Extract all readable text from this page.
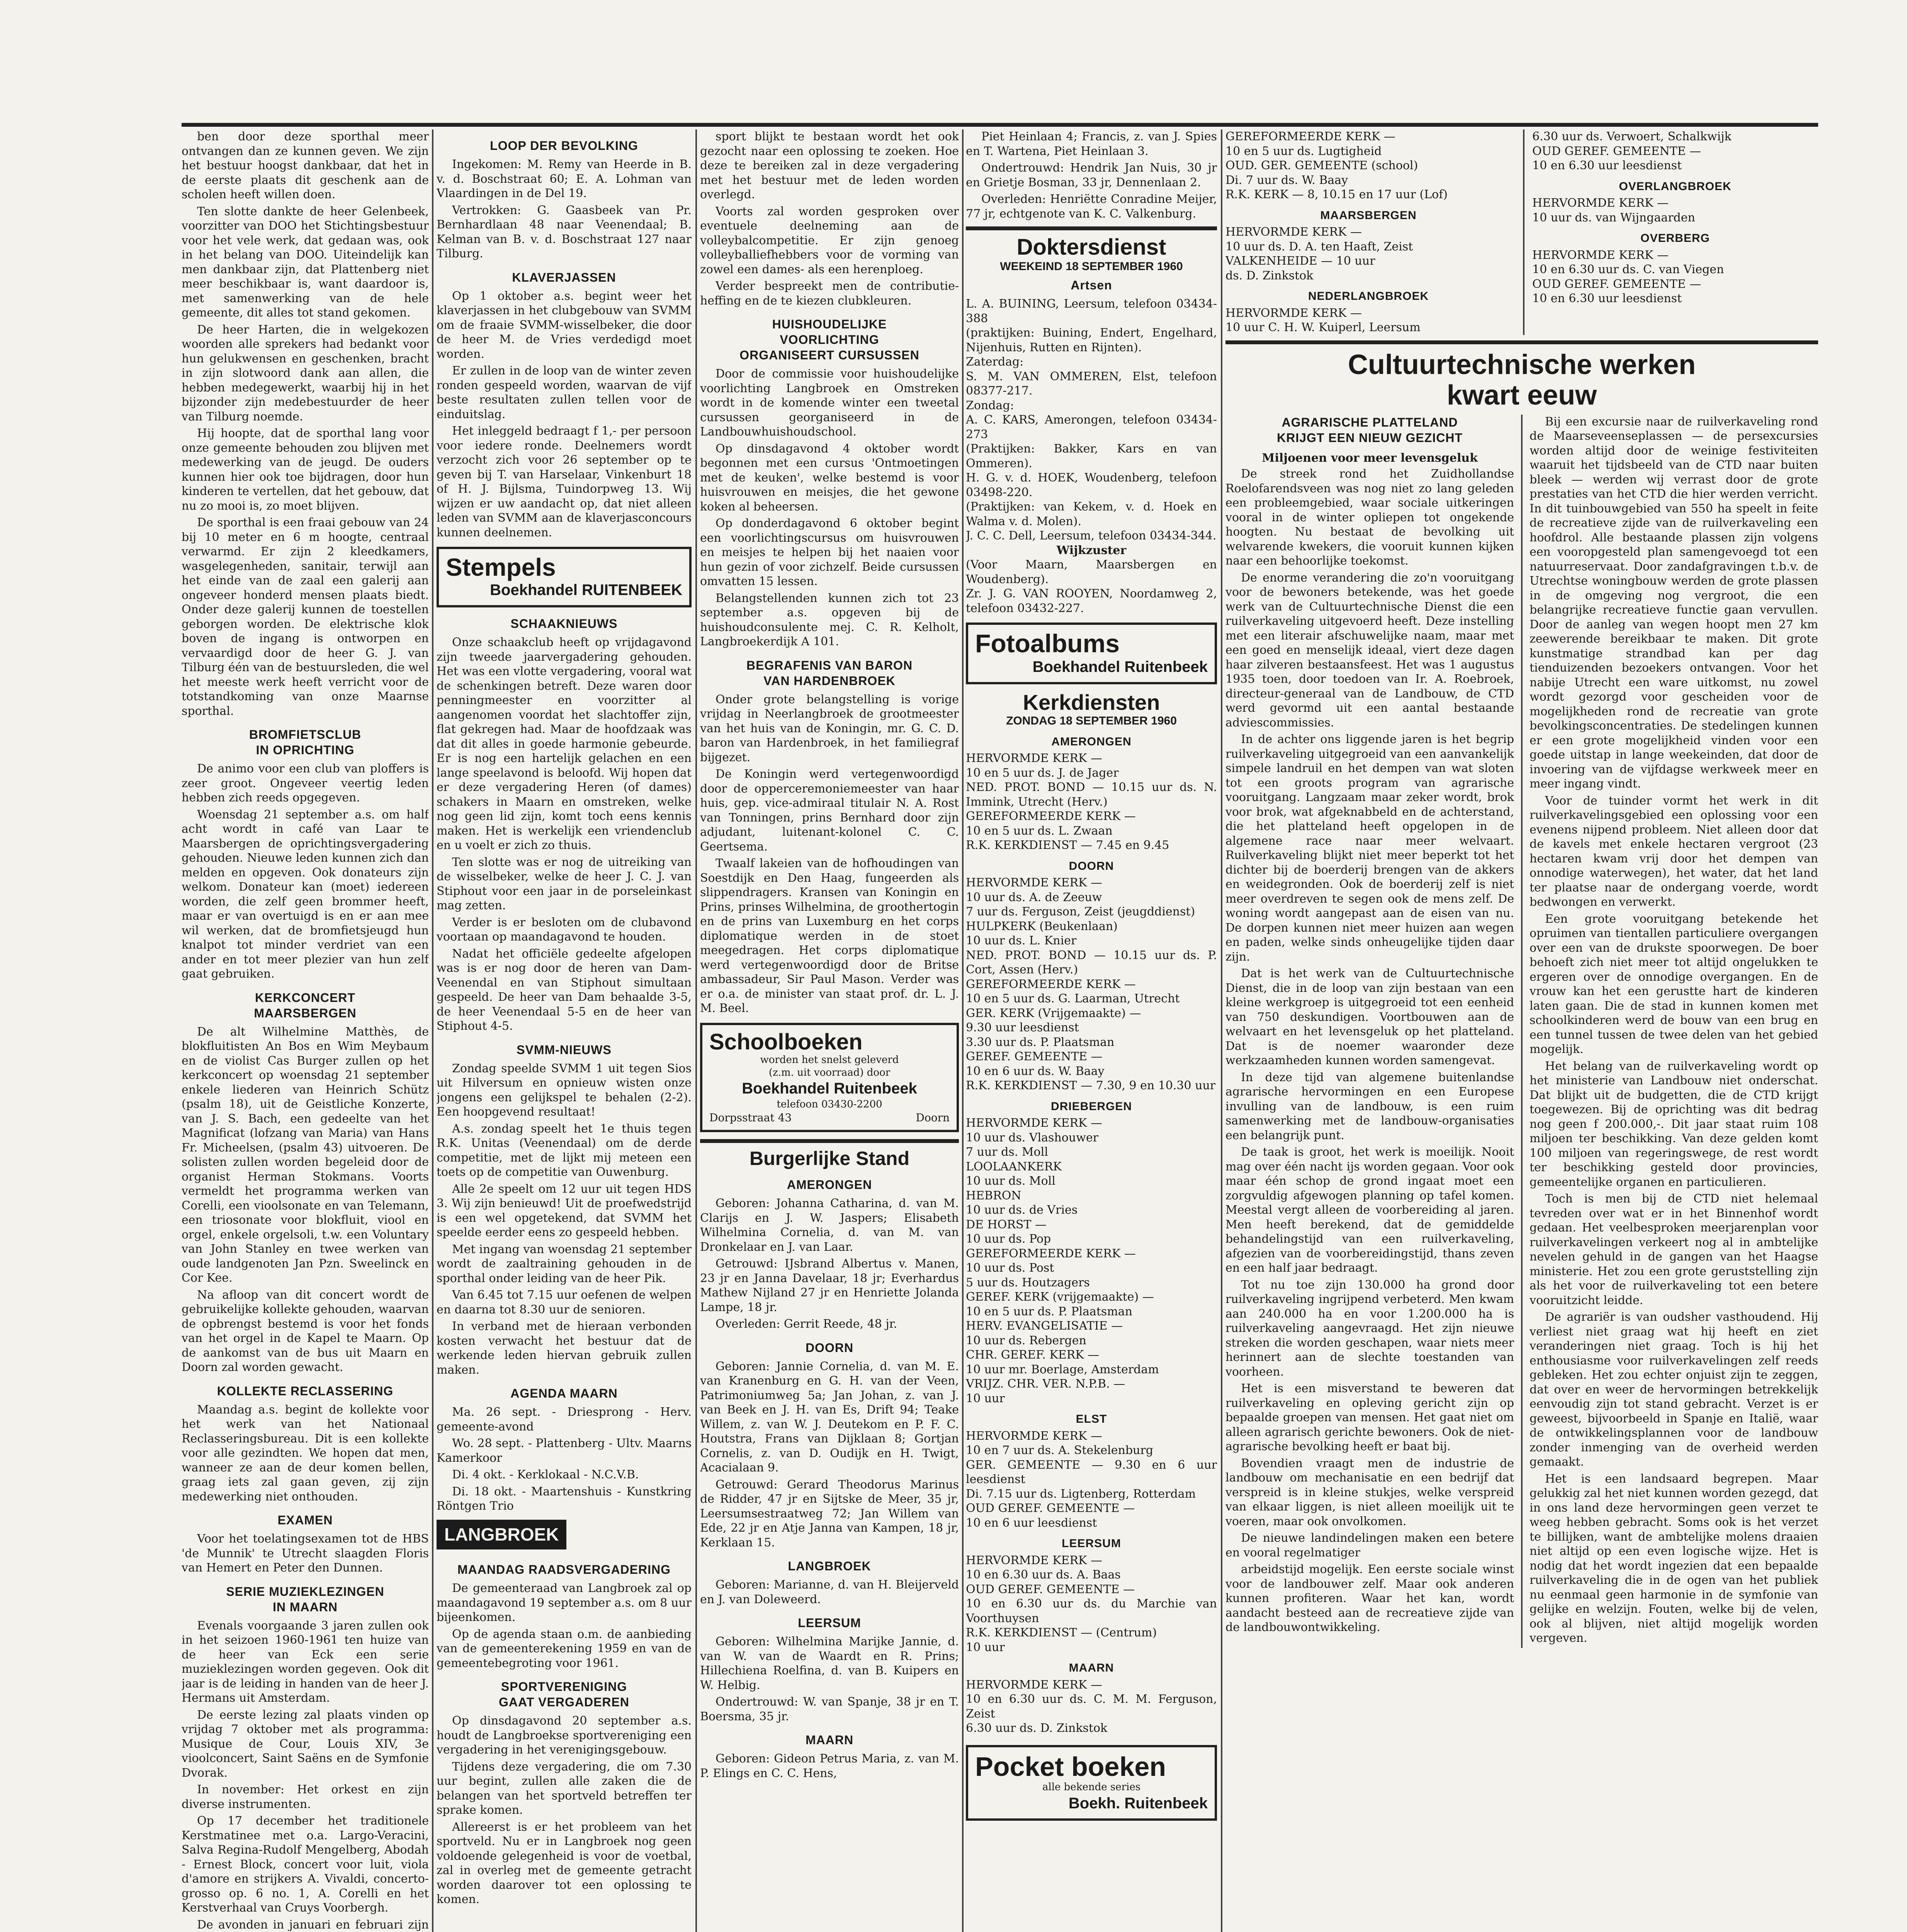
ben door deze sporthal meer ontvangen dan ze kunnen geven. We zijn het bestuur hoogst dankbaar, dat het in de eerste plaats dit geschenk aan de scholen heeft willen doen.

Ten slotte dankte de heer Gelenbeek, voorzitter van DOO het Stichtingsbestuur voor het vele werk, dat gedaan was, ook in het belang van DOO. Uiteindelijk kan men dankbaar zijn, dat Plattenberg niet meer beschikbaar is, want daardoor is, met samenwerking van de hele gemeente, dit alles tot stand gekomen.

De heer Harten, die in welgekozen woorden alle sprekers had bedankt voor hun gelukwensen en geschenken, bracht in zijn slotwoord dank aan allen, die hebben medegewerkt, waarbij hij in het bijzonder zijn medebestuurder de heer van Tilburg noemde.

Hij hoopte, dat de sporthal lang voor onze gemeente behouden zou blijven met medewerking van de jeugd. De ouders kunnen hier ook toe bijdragen, door hun kinderen te vertellen, dat het gebouw, dat nu zo mooi is, zo moet blijven.

De sporthal is een fraai gebouw van 24 bij 10 meter en 6 m hoogte, centraal verwarmd. Er zijn 2 kleedkamers, wasgelegenheden, sanitair, terwijl aan het einde van de zaal een galerij aan ongeveer honderd mensen plaats biedt. Onder deze galerij kunnen de toestellen geborgen worden. De elektrische klok boven de ingang is ontworpen en vervaardigd door de heer G. J. van Tilburg één van de bestuursleden, die wel het meeste werk heeft verricht voor de totstandkoming van onze Maarnse sporthal.

BROMFIETSCLUB
IN OPRICHTING

De animo voor een club van ploffers is zeer groot. Ongeveer veertig leden hebben zich reeds opgegeven.

Woensdag 21 september a.s. om half acht wordt in café van Laar te Maarsbergen de oprichtingsvergadering gehouden. Nieuwe leden kunnen zich dan melden en opgeven. Ook donateurs zijn welkom. Donateur kan (moet) iedereen worden, die zelf geen brommer heeft, maar er van overtuigd is en er aan mee wil werken, dat de bromfietsjeugd hun knalpot tot minder verdriet van een ander en tot meer plezier van hun zelf gaat gebruiken.

KERKCONCERT
MAARSBERGEN

De alt Wilhelmine Matthès, de blokfluitisten An Bos en Wim Meybaum en de violist Cas Burger zullen op het kerkconcert op woensdag 21 september enkele liederen van Heinrich Schütz (psalm 18), uit de Geistliche Konzerte, van J. S. Bach, een gedeelte van het Magnificat (lofzang van Maria) van Hans Fr. Micheelsen, (psalm 43) uitvoeren. De solisten zullen worden begeleid door de organist Herman Stokmans. Voorts vermeldt het programma werken van Corelli, een vioolsonate en van Telemann, een triosonate voor blokfluit, viool en orgel, enkele orgelsoli, t.w. een Voluntary van John Stanley en twee werken van oude landgenoten Jan Pzn. Sweelinck en Cor Kee.

Na afloop van dit concert wordt de gebruikelijke kollekte gehouden, waarvan de opbrengst bestemd is voor het fonds van het orgel in de Kapel te Maarn. Op de aankomst van de bus uit Maarn en Doorn zal worden gewacht.

KOLLEKTE RECLASSERING

Maandag a.s. begint de kollekte voor het werk van het Nationaal Reclasseringsbureau. Dit is een kollekte voor alle gezindten. We hopen dat men, wanneer ze aan de deur komen bellen, graag iets zal gaan geven, zij zijn medewerking niet onthouden.

EXAMEN

Voor het toelatingsexamen tot de HBS 'de Munnik' te Utrecht slaagden Floris van Hemert en Peter den Dunnen.

SERIE MUZIEKLEZINGEN
IN MAARN

Evenals voorgaande 3 jaren zullen ook in het seizoen 1960-1961 ten huize van de heer van Eck een serie muzieklezingen worden gegeven. Ook dit jaar is de leiding in handen van de heer J. Hermans uit Amsterdam.

De eerste lezing zal plaats vinden op vrijdag 7 oktober met als programma: Musique de Cour, Louis XIV, 3e vioolconcert, Saint Saëns en de Symfonie Dvorak.

In november: Het orkest en zijn diverse instrumenten.

Op 17 december het traditionele Kerstmatinee met o.a. Largo-Veracini, Salva Regina-Rudolf Mengelberg, Abodah - Ernest Block, concert voor luit, viola d'amore en strijkers A. Vivaldi, concerto-grosso op. 6 no. 1, A. Corelli en het Kerstverhaal van Cruys Voorbergh.

De avonden in januari en februari zijn

LOOP DER BEVOLKING

Ingekomen: M. Remy van Heerde in B. v. d. Boschstraat 60; E. A. Lohman van Vlaardingen in de Del 19.

Vertrokken: G. Gaasbeek van Pr. Bernhardlaan 48 naar Veenendaal; B. Kelman van B. v. d. Boschstraat 127 naar Tilburg.

KLAVERJASSEN

Op 1 oktober a.s. begint weer het klaverjassen in het clubgebouw van SVMM om de fraaie SVMM-wisselbeker, die door de heer M. de Vries verdedigd moet worden.

Er zullen in de loop van de winter zeven ronden gespeeld worden, waarvan de vijf beste resultaten zullen tellen voor de einduitslag.

Het inleggeld bedraagt f 1,- per persoon voor iedere ronde. Deelnemers wordt verzocht zich voor 26 september op te geven bij T. van Harselaar, Vinkenburt 18 of H. J. Bijlsma, Tuindorpweg 13. Wij wijzen er uw aandacht op, dat niet alleen leden van SVMM aan de klaverjasconcours kunnen deelnemen.

Stempels
Boekhandel RUITENBEEK
SCHAAKNIEUWS

Onze schaakclub heeft op vrijdagavond zijn tweede jaarvergadering gehouden. Het was een vlotte vergadering, vooral wat de schenkingen betreft. Deze waren door penningmeester en voorzitter al aangenomen voordat het slachtoffer zijn, flat gekregen had. Maar de hoofdzaak was dat dit alles in goede harmonie gebeurde. Er is nog een hartelijk gelachen en een lange speelavond is beloofd. Wij hopen dat er deze vergadering Heren (of dames) schakers in Maarn en omstreken, welke nog geen lid zijn, komt toch eens kennis maken. Het is werkelijk een vriendenclub en u voelt er zich zo thuis.

Ten slotte was er nog de uitreiking van de wisselbeker, welke de heer J. C. J. van Stiphout voor een jaar in de porseleinkast mag zetten.

Verder is er besloten om de clubavond voortaan op maandagavond te houden.

Nadat het officiële gedeelte afgelopen was is er nog door de heren van Dam-Veenendal en van Stiphout simultaan gespeeld. De heer van Dam behaalde 3-5, de heer Veenendaal 5-5 en de heer van Stiphout 4-5.

SVMM-NIEUWS

Zondag speelde SVMM 1 uit tegen Sios uit Hilversum en opnieuw wisten onze jongens een gelijkspel te behalen (2-2). Een hoopgevend resultaat!

A.s. zondag speelt het 1e thuis tegen R.K. Unitas (Veenendaal) om de derde competitie, met de lijkt mij meteen een toets op de competitie van Ouwenburg.

Alle 2e speelt om 12 uur uit tegen HDS 3. Wij zijn benieuwd! Uit de proefwedstrijd is een wel opgetekend, dat SVMM het speelde eerder eens zo gespeeld hebben.

Met ingang van woensdag 21 september wordt de zaaltraining gehouden in de sporthal onder leiding van de heer Pik.

Van 6.45 tot 7.15 uur oefenen de welpen en daarna tot 8.30 uur de senioren.

In verband met de hieraan verbonden kosten verwacht het bestuur dat de werkende leden hiervan gebruik zullen maken.

AGENDA MAARN

Ma. 26 sept. - Driesprong - Herv. gemeente-avond

Wo. 28 sept. - Plattenberg - Ultv. Maarns Kamerkoor

Di. 4 okt. - Kerklokaal - N.C.V.B.

Di. 18 okt. - Maartenshuis - Kunstkring Röntgen Trio

LANGBROEK
MAANDAG RAADSVERGADERING

De gemeenteraad van Langbroek zal op maandagavond 19 september a.s. om 8 uur bijeenkomen.

Op de agenda staan o.m. de aanbieding van de gemeenterekening 1959 en van de gemeentebegroting voor 1961.

SPORTVERENIGING
GAAT VERGADEREN

Op dinsdagavond 20 september a.s. houdt de Langbroekse sportvereniging een vergadering in het verenigingsgebouw.

Tijdens deze vergadering, die om 7.30 uur begint, zullen alle zaken die de belangen van het sportveld betreffen ter sprake komen.

Allereerst is er het probleem van het sportveld. Nu er in Langbroek nog geen voldoende gelegenheid is voor de voetbal, zal in overleg met de gemeente getracht worden daarover tot een oplossing te komen.

sport blijkt te bestaan wordt het ook gezocht naar een oplossing te zoeken. Hoe deze te bereiken zal in deze vergadering met het bestuur met de leden worden overlegd.

Voorts zal worden gesproken over eventuele deelneming aan de volleybalcompetitie. Er zijn genoeg volleyballiefhebbers voor de vorming van zowel een dames- als een herenploeg.

Verder bespreekt men de contributie-heffing en de te kiezen clubkleuren.

HUISHOUDELIJKE
VOORLICHTING
ORGANISEERT CURSUSSEN

Door de commissie voor huishoudelijke voorlichting Langbroek en Omstreken wordt in de komende winter een tweetal cursussen georganiseerd in de Landbouwhuishoudschool.

Op dinsdagavond 4 oktober wordt begonnen met een cursus 'Ontmoetingen met de keuken', welke bestemd is voor huisvrouwen en meisjes, die het gewone koken al beheersen.

Op donderdagavond 6 oktober begint een voorlichtingscursus om huisvrouwen en meisjes te helpen bij het naaien voor hun gezin of voor zichzelf. Beide cursussen omvatten 15 lessen.

Belangstellenden kunnen zich tot 23 september a.s. opgeven bij de huishoudconsulente mej. C. R. Kelholt, Langbroekerdijk A 101.

BEGRAFENIS VAN BARON
VAN HARDENBROEK

Onder grote belangstelling is vorige vrijdag in Neerlangbroek de grootmeester van het huis van de Koningin, mr. G. C. D. baron van Hardenbroek, in het familiegraf bijgezet.

De Koningin werd vertegenwoordigd door de opperceremoniemeester van haar huis, gep. vice-admiraal titulair N. A. Rost van Tonningen, prins Bernhard door zijn adjudant, luitenant-kolonel C. C. Geertsema.

Twaalf lakeien van de hofhoudingen van Soestdijk en Den Haag, fungeerden als slippendragers. Kransen van Koningin en Prins, prinses Wilhelmina, de groothertogin en de prins van Luxemburg en het corps diplomatique werden in de stoet meegedragen. Het corps diplomatique werd vertegenwoordigd door de Britse ambassadeur, Sir Paul Mason. Verder was er o.a. de minister van staat prof. dr. L. J. M. Beel.

Schoolboeken
worden het snelst geleverd
(z.m. uit voorraad) door
Boekhandel Ruitenbeek
telefoon 03430-2200
Dorpsstraat 43	Doorn
Burgerlijke Stand
AMERONGEN

Geboren: Johanna Catharina, d. van M. Clarijs en J. W. Jaspers; Elisabeth Wilhelmina Cornelia, d. van M. van Dronkelaar en J. van Laar.

Getrouwd: IJsbrand Albertus v. Manen, 23 jr en Janna Davelaar, 18 jr; Everhardus Mathew Nijland 27 jr en Henriette Jolanda Lampe, 18 jr.

Overleden: Gerrit Reede, 48 jr.

DOORN

Geboren: Jannie Cornelia, d. van M. E. van Kranenburg en G. H. van der Veen, Patrimoniumweg 5a; Jan Johan, z. van J. van Beek en J. H. van Es, Drift 94; Teake Willem, z. van W. J. Deutekom en P. F. C. Houtstra, Frans van Dijklaan 8; Gortjan Cornelis, z. van D. Oudijk en H. Twigt, Acacialaan 9.

Getrouwd: Gerard Theodorus Marinus de Ridder, 47 jr en Sijtske de Meer, 35 jr, Leersumsestraatweg 72; Jan Willem van Ede, 22 jr en Atje Janna van Kampen, 18 jr, Kerklaan 15.

LANGBROEK

Geboren: Marianne, d. van H. Bleijerveld en J. van Doleweerd.

LEERSUM

Geboren: Wilhelmina Marijke Jannie, d. van W. van de Waardt en R. Prins; Hillechiena Roelfina, d. van B. Kuipers en W. Helbig.

Ondertrouwd: W. van Spanje, 38 jr en T. Boersma, 35 jr.

MAARN

Geboren: Gideon Petrus Maria, z. van M. P. Elings en C. C. Hens,

Piet Heinlaan 4; Francis, z. van J. Spies en T. Wartena, Piet Heinlaan 3.

Ondertrouwd: Hendrik Jan Nuis, 30 jr en Grietje Bosman, 33 jr, Dennenlaan 2.

Overleden: Henriëtte Conradine Meijer, 77 jr, echtgenote van K. C. Valkenburg.

Doktersdienst
WEEKEIND 18 SEPTEMBER 1960
Artsen

L. A. BUINING, Leersum, telefoon 03434-388

(praktijken: Buining, Endert, Engelhard, Nijenhuis, Rutten en Rijnten).

Zaterdag:

S. M. VAN OMMEREN, Elst, telefoon 08377-217.

Zondag:

A. C. KARS, Amerongen, telefoon 03434-273

(Praktijken: Bakker, Kars en van Ommeren).

H. G. v. d. HOEK, Woudenberg, telefoon 03498-220.

(Praktijken: van Kekem, v. d. Hoek en Walma v. d. Molen).

J. C. C. Dell, Leersum, telefoon 03434-344.

Wijkzuster

(Voor Maarn, Maarsbergen en Woudenberg).

Zr. J. G. VAN ROOYEN, Noordamweg 2, telefoon 03432-227.

Fotoalbums
Boekhandel Ruitenbeek
Kerkdiensten
ZONDAG 18 SEPTEMBER 1960
AMERONGEN

HERVORMDE KERK —

10 en 5 uur ds. J. de Jager

NED. PROT. BOND — 10.15 uur ds. N. Immink, Utrecht (Herv.)

GEREFORMEERDE KERK —

10 en 5 uur ds. L. Zwaan

R.K. KERKDIENST — 7.45 en 9.45

DOORN

HERVORMDE KERK —

10 uur ds. A. de Zeeuw

7 uur ds. Ferguson, Zeist (jeugddienst)

HULPKERK (Beukenlaan)

10 uur ds. L. Knier

NED. PROT. BOND — 10.15 uur ds. P. Cort, Assen (Herv.)

GEREFORMEERDE KERK —

10 en 5 uur ds. G. Laarman, Utrecht

GER. KERK (Vrijgemaakte) —

9.30 uur leesdienst

3.30 uur ds. P. Plaatsman

GEREF. GEMEENTE —

10 en 6 uur ds. W. Baay

R.K. KERKDIENST — 7.30, 9 en 10.30 uur

DRIEBERGEN

HERVORMDE KERK —

10 uur ds. Vlashouwer

7 uur ds. Moll

LOOLAANKERK

10 uur ds. Moll

HEBRON

10 uur ds. de Vries

DE HORST —

10 uur ds. Pop

GEREFORMEERDE KERK —

10 uur ds. Post

5 uur ds. Houtzagers

GEREF. KERK (vrijgemaakte) —

10 en 5 uur ds. P. Plaatsman

HERV. EVANGELISATIE —

10 uur ds. Rebergen

CHR. GEREF. KERK —

10 uur mr. Boerlage, Amsterdam

VRIJZ. CHR. VER. N.P.B. —

10 uur

ELST

HERVORMDE KERK —

10 en 7 uur ds. A. Stekelenburg

GER. GEMEENTE — 9.30 en 6 uur leesdienst

Di. 7.15 uur ds. Ligtenberg, Rotterdam

OUD GEREF. GEMEENTE —

10 en 6 uur leesdienst

LEERSUM

HERVORMDE KERK —

10 en 6.30 uur ds. A. Baas

OUD GEREF. GEMEENTE —

10 en 6.30 uur ds. du Marchie van Voorthuysen

R.K. KERKDIENST — (Centrum)

10 uur

MAARN

HERVORMDE KERK —

10 en 6.30 uur ds. C. M. M. Ferguson, Zeist

6.30 uur ds. D. Zinkstok

Pocket boeken
alle bekende series
Boekh. Ruitenbeek

GEREFORMEERDE KERK —

10 en 5 uur ds. Lugtigheid

OUD. GER. GEMEENTE (school)

Di. 7 uur ds. W. Baay

R.K. KERK — 8, 10.15 en 17 uur (Lof)

MAARSBERGEN

HERVORMDE KERK —

10 uur ds. D. A. ten Haaft, Zeist

VALKENHEIDE — 10 uur

ds. D. Zinkstok

NEDERLANGBROEK

HERVORMDE KERK —

10 uur C. H. W. Kuiperl, Leersum

6.30 uur ds. Verwoert, Schalkwijk

OUD GEREF. GEMEENTE —

10 en 6.30 uur leesdienst

OVERLANGBROEK

HERVORMDE KERK —

10 uur ds. van Wijngaarden

OVERBERG

HERVORMDE KERK —

10 en 6.30 uur ds. C. van Viegen

OUD GEREF. GEMEENTE —

10 en 6.30 uur leesdienst

Cultuurtechnische werken
kwart eeuw
AGRARISCHE PLATTELAND
KRIJGT EEN NIEUW GEZICHT
Miljoenen voor meer levensgeluk

De streek rond het Zuidhollandse Roelofarendsveen was nog niet zo lang geleden een probleemgebied, waar sociale uitkeringen vooral in de winter opliepen tot ongekende hoogten. Nu bestaat de bevolking uit welvarende kwekers, die vooruit kunnen kijken naar een behoorlijke toekomst.

De enorme verandering die zo'n vooruitgang voor de bewoners betekende, was het goede werk van de Cultuurtechnische Dienst die een ruilverkaveling uitgevoerd heeft. Deze instelling met een literair afschuwelijke naam, maar met een goed en menselijk ideaal, viert deze dagen haar zilveren bestaansfeest. Het was 1 augustus 1935 toen, door toedoen van Ir. A. Roebroek, directeur-generaal van de Landbouw, de CTD werd gevormd uit een aantal bestaande adviescommissies.

In de achter ons liggende jaren is het begrip ruilverkaveling uitgegroeid van een aanvankelijk simpele landruil en het dempen van wat sloten tot een groots program van agrarische vooruitgang. Langzaam maar zeker wordt, brok voor brok, wat afgeknabbeld en de achterstand, die het platteland heeft opgelopen in de algemene race naar meer welvaart. Ruilverkaveling blijkt niet meer beperkt tot het dichter bij de boerderij brengen van de akkers en weidegronden. Ook de boerderij zelf is niet meer overdreven te segen ook de mens zelf. De woning wordt aangepast aan de eisen van nu. De dorpen kunnen niet meer huizen aan wegen en paden, welke sinds onheugelijke tijden daar zijn.

Dat is het werk van de Cultuurtechnische Dienst, die in de loop van zijn bestaan van een kleine werkgroep is uitgegroeid tot een eenheid van 750 deskundigen. Voortbouwen aan de welvaart en het levensgeluk op het platteland. Dat is de noemer waaronder deze werkzaamheden kunnen worden samengevat.

In deze tijd van algemene buitenlandse agrarische hervormingen en een Europese invulling van de landbouw, is een ruim samenwerking met de landbouw-organisaties een belangrijk punt.

De taak is groot, het werk is moeilijk. Nooit mag over één nacht ijs worden gegaan. Voor ook maar één schop de grond ingaat moet een zorgvuldig afgewogen planning op tafel komen. Meestal vergt alleen de voorbereiding al jaren. Men heeft berekend, dat de gemiddelde behandelingstijd van een ruilverkaveling, afgezien van de voorbereidingstijd, thans zeven en een half jaar bedraagt.

Tot nu toe zijn 130.000 ha grond door ruilverkaveling ingrijpend verbeterd. Men kwam aan 240.000 ha en voor 1.200.000 ha is ruilverkaveling aangevraagd. Het zijn nieuwe streken die worden geschapen, waar niets meer herinnert aan de slechte toestanden van voorheen.

Het is een misverstand te beweren dat ruilverkaveling en opleving gericht zijn op bepaalde groepen van mensen. Het gaat niet om alleen agrarisch gerichte bewoners. Ook de niet-agrarische bevolking heeft er baat bij.

Bovendien vraagt men de industrie de landbouw om mechanisatie en een bedrijf dat verspreid is in kleine stukjes, welke verspreid van elkaar liggen, is niet alleen moeilijk uit te voeren, maar ook onvolkomen.

De nieuwe landindelingen maken een betere en vooral regelmatiger

arbeidstijd mogelijk. Een eerste sociale winst voor de landbouwer zelf. Maar ook anderen kunnen profiteren. Waar het kan, wordt aandacht besteed aan de recreatieve zijde van de landbouwontwikkeling.

Bij een excursie naar de ruilverkaveling rond de Maarseveenseplassen — de persexcursies worden altijd door de weinige festiviteiten waaruit het tijdsbeeld van de CTD naar buiten bleek — werden wij verrast door de grote prestaties van het CTD die hier werden verricht. In dit tuinbouwgebied van 550 ha speelt in feite de recreatieve zijde van de ruilverkaveling een hoofdrol. Alle bestaande plassen zijn volgens een vooropgesteld plan samengevoegd tot een natuurreservaat. Door zandafgravingen t.b.v. de Utrechtse woningbouw werden de grote plassen in de omgeving nog vergroot, die een belangrijke recreatieve functie gaan vervullen. Door de aanleg van wegen hoopt men 27 km zeewerende bereikbaar te maken. Dit grote kunstmatige strandbad kan per dag tienduizenden bezoekers ontvangen. Voor het nabije Utrecht een ware uitkomst, nu zowel wordt gezorgd voor gescheiden voor de mogelijkheden rond de recreatie van grote bevolkingsconcentraties. De stedelingen kunnen er een grote mogelijkheid vinden voor een goede uitstap in lange weekeinden, dat door de invoering van de vijfdagse werkweek meer en meer ingang vindt.

Voor de tuinder vormt het werk in dit ruilverkavelingsgebied een oplossing voor een evenens nijpend probleem. Niet alleen door dat de kavels met enkele hectaren vergroot (23 hectaren kwam vrij door het dempen van onnodige waterwegen), het water, dat het land ter plaatse naar de ondergang voerde, wordt bedwongen en verwerkt.

Een grote vooruitgang betekende het opruimen van tientallen particuliere overgangen over een van de drukste spoorwegen. De boer behoeft zich niet meer tot altijd ongelukken te ergeren over de onnodige overgangen. En de vrouw kan het een gerustte hart de kinderen laten gaan. Die de stad in kunnen komen met schoolkinderen werd de bouw van een brug en een tunnel tussen de twee delen van het gebied mogelijk.

Het belang van de ruilverkaveling wordt op het ministerie van Landbouw niet onderschat. Dat blijkt uit de budgetten, die de CTD krijgt toegewezen. Bij de oprichting was dit bedrag nog geen f 200.000,-. Dit jaar staat ruim 108 miljoen ter beschikking. Van deze gelden komt 100 miljoen van regeringswege, de rest wordt ter beschikking gesteld door provincies, gemeentelijke organen en particulieren.

Toch is men bij de CTD niet helemaal tevreden over wat er in het Binnenhof wordt gedaan. Het veelbesproken meerjarenplan voor ruilverkavelingen verkeert nog al in ambtelijke nevelen gehuld in de gangen van het Haagse ministerie. Het zou een grote geruststelling zijn als het voor de ruilverkaveling tot een betere vooruitzicht leidde.

De agrariër is van oudsher vasthoudend. Hij verliest niet graag wat hij heeft en ziet veranderingen niet graag. Toch is hij het enthousiasme voor ruilverkavelingen zelf reeds gebleken. Het zou echter onjuist zijn te zeggen, dat over en weer de hervormingen betrekkelijk eenvoudig zijn tot stand gebracht. Verzet is er geweest, bijvoorbeeld in Spanje en Italië, waar de ontwikkelingsplannen voor de landbouw zonder inmenging van de overheid werden gemaakt.

Het is een landsaard begrepen. Maar gelukkig zal het niet kunnen worden gezegd, dat in ons land deze hervormingen geen verzet te weeg hebben gebracht. Soms ook is het verzet te billijken, want de ambtelijke molens draaien niet altijd op een even logische wijze. Het is nodig dat het wordt ingezien dat een bepaalde ruilverkaveling die in de ogen van het publiek nu eenmaal geen harmonie in de symfonie van gelijke en welzijn. Fouten, welke bij de velen, ook al blijven, niet altijd mogelijk worden vergeven.
